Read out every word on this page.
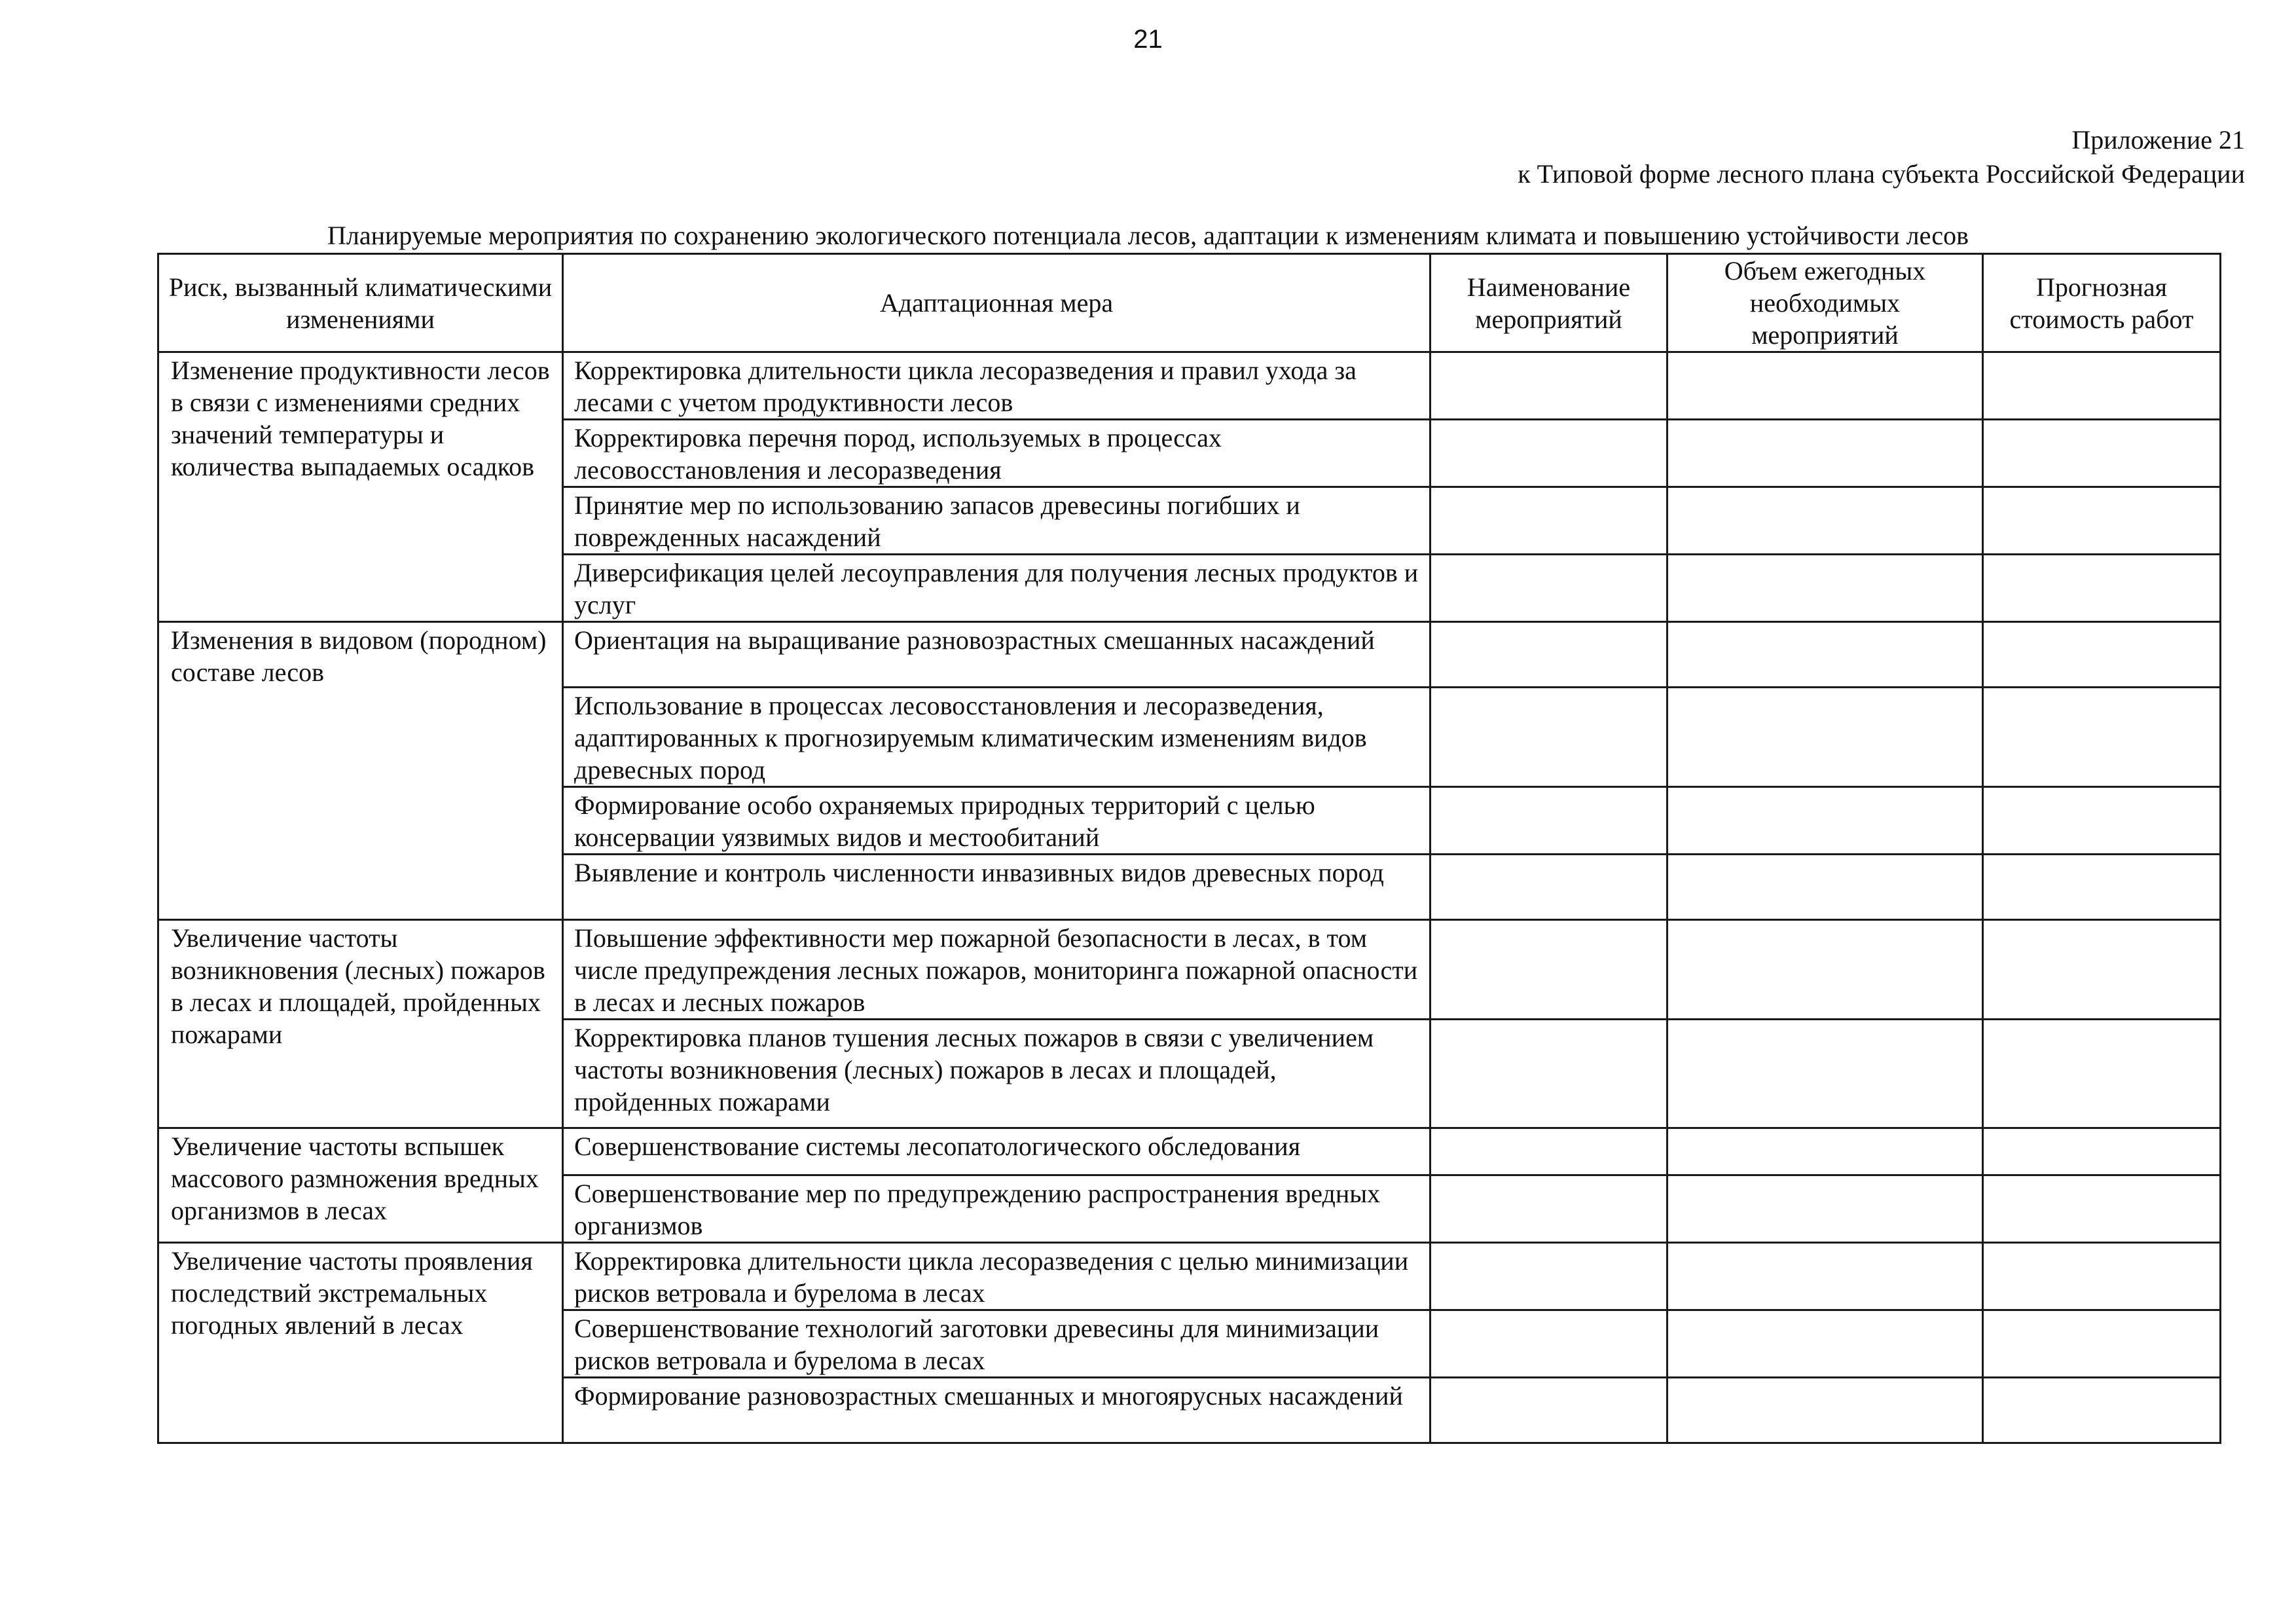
21
Приложение 21
к Типовой форме лесного плана субъекта Российской Федерации
Планируемые мероприятия по сохранению экологического потенциала лесов, адаптации к изменениям климата и повышению устойчивости лесов
Риск, вызванный климатическими изменениями	Адаптационная мера	Наименование мероприятий	Объем ежегодных необходимых мероприятий	Прогнозная стоимость работ
Изменение продуктивности лесов в связи с изменениями средних значений температуры и количества выпадаемых осадков	Корректировка длительности цикла лесоразведения и правил ухода за лесами с учетом продуктивности лесов			
	Корректировка перечня пород, используемых в процессах лесовосстановления и лесоразведения			
	Принятие мер по использованию запасов древесины погибших и поврежденных насаждений			
	Диверсификация целей лесоуправления для получения лесных продуктов и услуг			
Изменения в видовом (породном) составе лесов	Ориентация на выращивание разновозрастных смешанных насаждений			
	Использование в процессах лесовосстановления и лесоразведения, адаптированных к прогнозируемым климатическим изменениям видов древесных пород			
	Формирование особо охраняемых природных территорий с целью консервации уязвимых видов и местообитаний			
	Выявление и контроль численности инвазивных видов древесных пород			
Увеличение частоты возникновения (лесных) пожаров в лесах и площадей, пройденных пожарами	Повышение эффективности мер пожарной безопасности в лесах, в том числе предупреждения лесных пожаров, мониторинга пожарной опасности в лесах и лесных пожаров			
	Корректировка планов тушения лесных пожаров в связи с увеличением частоты возникновения (лесных) пожаров в лесах и площадей, пройденных пожарами			
Увеличение частоты вспышек массового размножения вредных организмов в лесах	Совершенствование системы лесопатологического обследования			
	Совершенствование мер по предупреждению распространения вредных организмов			
Увеличение частоты проявления последствий экстремальных погодных явлений в лесах	Корректировка длительности цикла лесоразведения с целью минимизации рисков ветровала и бурелома в лесах			
	Совершенствование технологий заготовки древесины для минимизации рисков ветровала и бурелома в лесах			
	Формирование разновозрастных смешанных и многоярусных насаждений			
